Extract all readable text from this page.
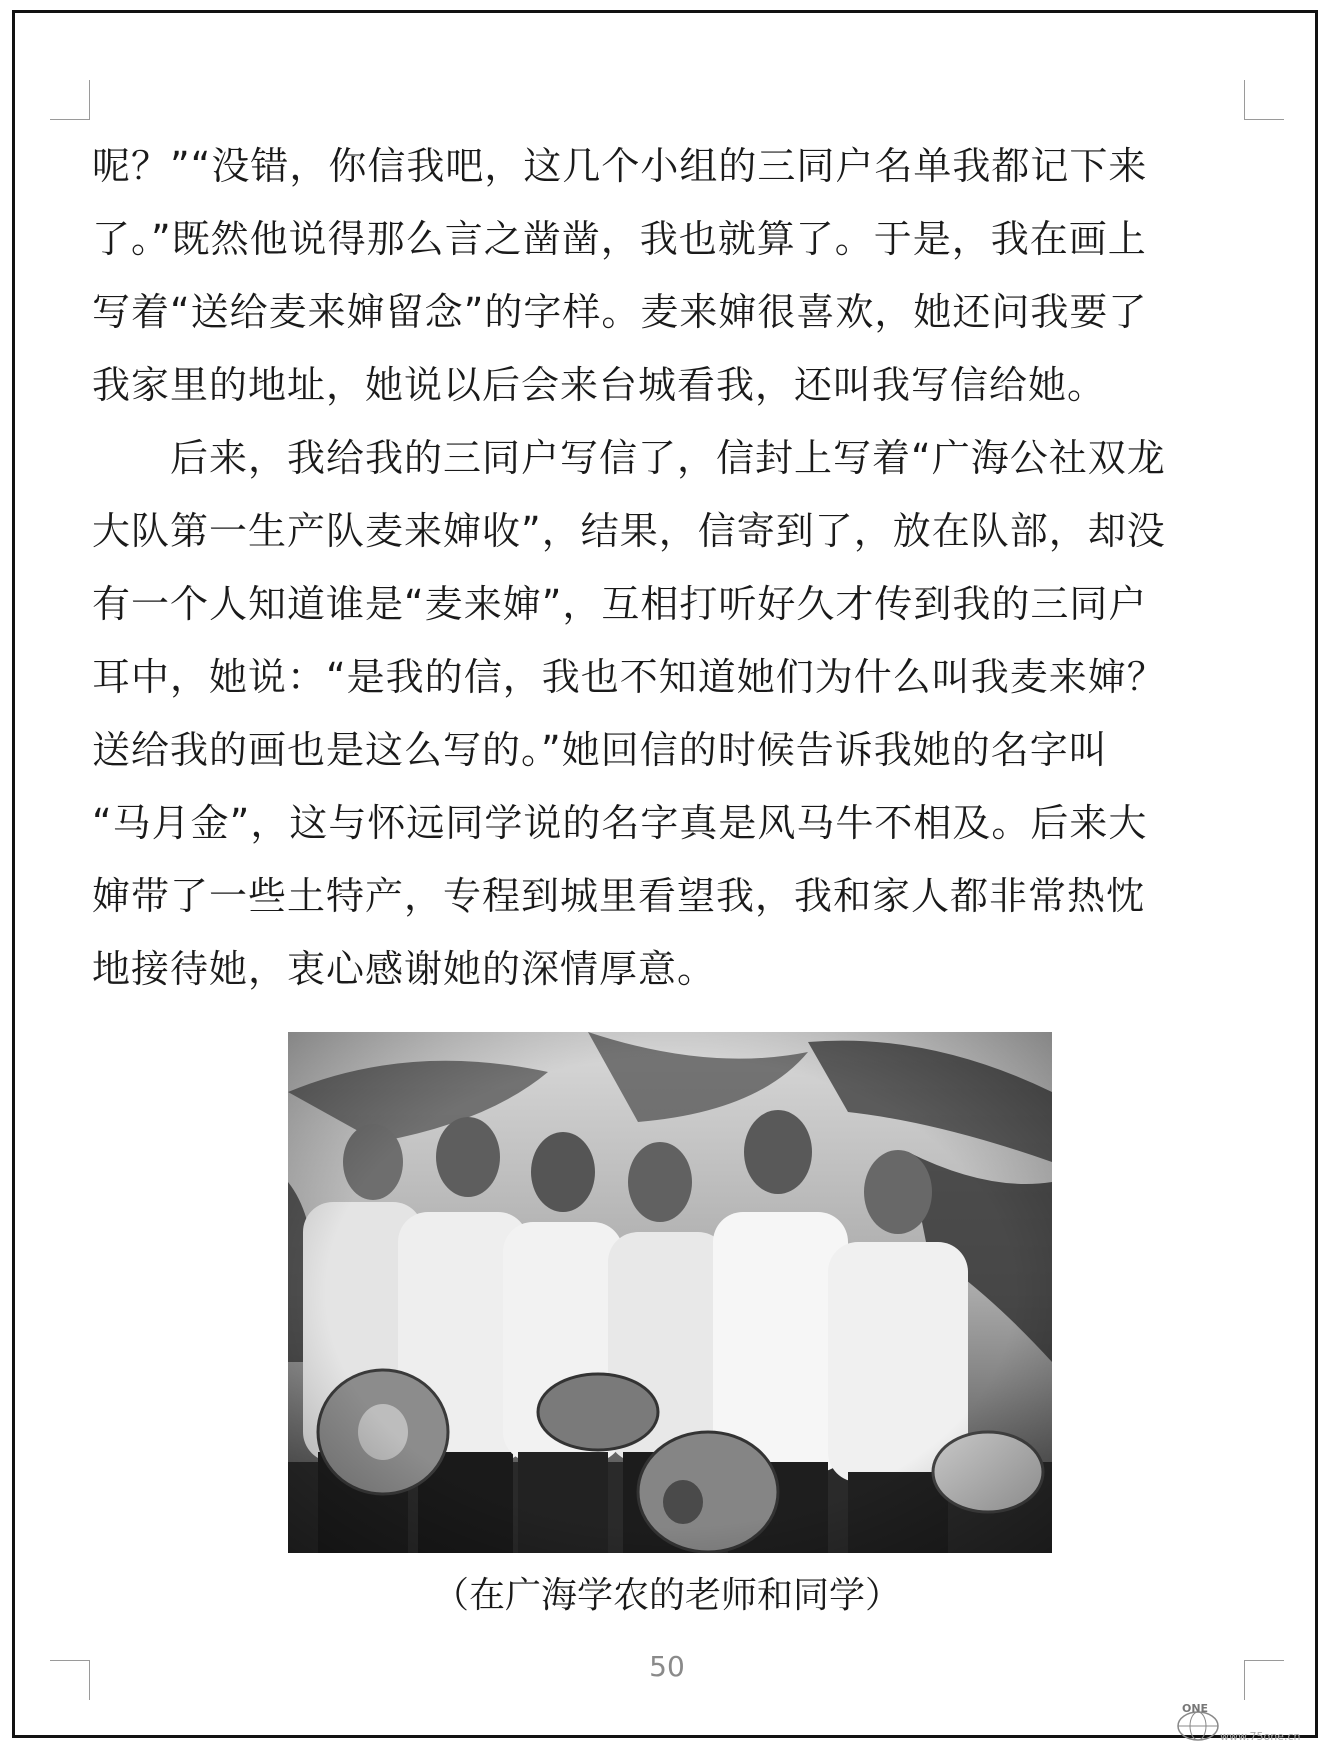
呢？”“没错，你信我吧，这几个小组的三同户名单我都记下来
了。”既然他说得那么言之凿凿，我也就算了。于是，我在画上
写着“送给麦来婶留念”的字样。麦来婶很喜欢，她还问我要了
我家里的地址，她说以后会来台城看我，还叫我写信给她。
后来，我给我的三同户写信了，信封上写着“广海公社双龙
大队第一生产队麦来婶收”，结果，信寄到了，放在队部，却没
有一个人知道谁是“麦来婶”，互相打听好久才传到我的三同户
耳中，她说：“是我的信，我也不知道她们为什么叫我麦来婶？
送给我的画也是这么写的。”她回信的时候告诉我她的名字叫
“马月金”，这与怀远同学说的名字真是风马牛不相及。后来大
婶带了一些土特产，专程到城里看望我，我和家人都非常热忱
地接待她，衷心感谢她的深情厚意。
（在广海学农的老师和同学）
50
ONE
www.75one.cn
